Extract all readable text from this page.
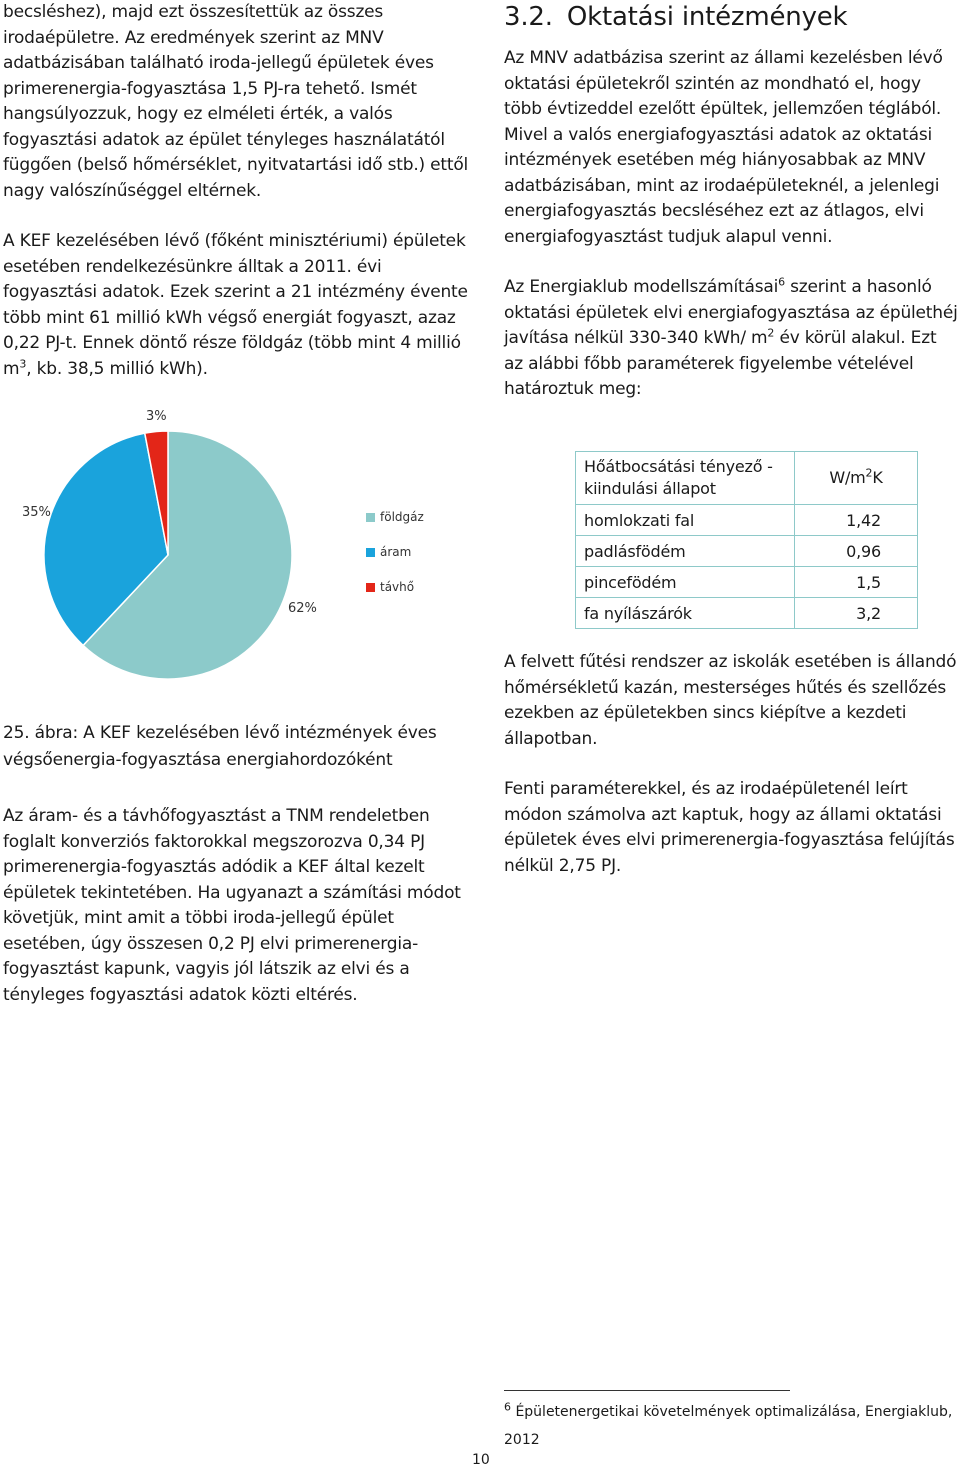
becsléshez), majd ezt összesítettük az összes irodaépületre. Az eredmények szerint az MNV adatbázisában található iroda-jellegű épületek éves primerenergia-fogyasztása 1,5 PJ-ra tehető. Ismét hangsúlyozzuk, hogy ez elméleti érték, a valós fogyasztási adatok az épület tényleges használatától függően (belső hőmérséklet, nyitvatartási idő stb.) ettől nagy valószínűséggel eltérnek.

A KEF kezelésében lévő (főként minisztériumi) épületek esetében rendelkezésünkre álltak a 2011. évi fogyasztási adatok. Ezek szerint a 21 intézmény évente több mint 61 millió kWh végső energiát fogyaszt, azaz 0,22 PJ-t. Ennek döntő része földgáz (több mint 4 millió $m^3$, kb. 38,5 millió kWh).

62%
35%
3%
földgáz
áram
távhő
25. ábra: A KEF kezelésében lévő intézmények éves végsőenergia-fogyasztása energiahordozóként
Az áram- és a távhőfogyasztást a TNM rendeletben foglalt konverziós faktorokkal megszorozva 0,34 PJ primerenergia-fogyasztás adódik a KEF által kezelt épületek tekintetében. Ha ugyanazt a számítási módot követjük, mint amit a többi iroda-jellegű épület esetében, úgy összesen 0,2 PJ elvi primerenergia-fogyasztást kapunk, vagyis jól látszik az elvi és a tényleges fogyasztási adatok közti eltérés.
3.2. Oktatási intézmények

Az MNV adatbázisa szerint az állami kezelésben lévő oktatási épületekről szintén az mondható el, hogy több évtizeddel ezelőtt épültek, jellemzően téglából. Mivel a valós energiafogyasztási adatok az oktatási intézmények esetében még hiányosabbak az MNV adatbázisában, mint az irodaépületeknél, a jelenlegi energiafogyasztás becsléséhez ezt az átlagos, elvi energiafogyasztást tudjuk alapul venni.

Az Energiaklub modellszámításai$^6$ szerint a hasonló oktatási épületek elvi energiafogyasztása az épülethéj javítása nélkül 330-340 kWh/ $m^2$ év körül alakul. Ezt az alábbi főbb paraméterek figyelembe vételével határoztuk meg:

Hőátbocsátási tényező - kiindulási állapot	$W/m^2K$
homlokzati fal	1,42
padlásfödém	0,96
pincefödém	1,5
fa nyílászárók	3,2

A felvett fűtési rendszer az iskolák esetében is állandó hőmérsékletű kazán, mesterséges hűtés és szellőzés ezekben az épületekben sincs kiépítve a kezdeti állapotban.

Fenti paraméterekkel, és az irodaépületenél leírt módon számolva azt kaptuk, hogy az állami oktatási épületek éves elvi primerenergia-fogyasztása felújítás nélkül 2,75 PJ.

$^6$ Épületenergetikai követelmények optimalizálása, Energiaklub, 2012
10
